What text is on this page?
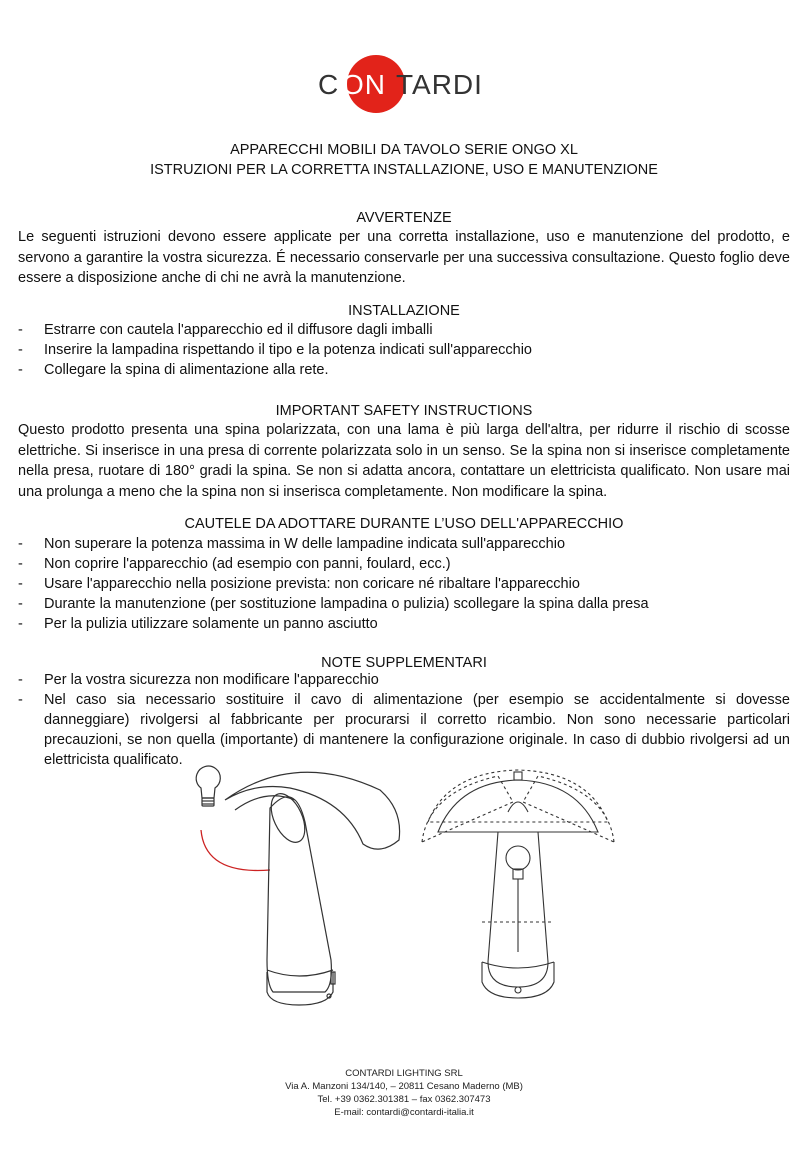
C ON TARDI
APPARECCHI MOBILI DA TAVOLO SERIE ONGO XL
ISTRUZIONI PER LA CORRETTA INSTALLAZIONE, USO E MANUTENZIONE
AVVERTENZE
Le seguenti istruzioni devono essere applicate per una corretta installazione, uso e manutenzione del prodotto, e servono a garantire la vostra sicurezza. É necessario conservarle per una successiva consultazione. Questo foglio deve essere a disposizione anche di chi ne avrà la manutenzione.
INSTALLAZIONE
- Estrarre con cautela l'apparecchio ed il diffusore dagli imballi
- Inserire la lampadina rispettando il tipo e la potenza indicati sull'apparecchio
- Collegare la spina di alimentazione alla rete.
IMPORTANT SAFETY INSTRUCTIONS
Questo prodotto presenta una spina polarizzata, con una lama è più larga dell'altra, per ridurre il rischio di scosse elettriche. Si inserisce in una presa di corrente polarizzata solo in un senso. Se la spina non si inserisce completamente nella presa, ruotare di 180° gradi la spina. Se non si adatta ancora, contattare un elettricista qualificato. Non usare mai una prolunga a meno che la spina non si inserisca completamente. Non modificare la spina.
CAUTELE DA ADOTTARE DURANTE L’USO DELL'APPARECCHIO
- Non superare la potenza massima in W delle lampadine indicata sull'apparecchio
- Non coprire l'apparecchio (ad esempio con panni, foulard, ecc.)
- Usare l'apparecchio nella posizione prevista: non coricare né ribaltare l'apparecchio
- Durante la manutenzione (per sostituzione lampadina o pulizia) scollegare la spina dalla presa
- Per la pulizia utilizzare solamente un panno asciutto
NOTE SUPPLEMENTARI
- Per la vostra sicurezza non modificare l'apparecchio
- Nel caso sia necessario sostituire il cavo di alimentazione (per esempio se accidentalmente si dovesse danneggiare) rivolgersi al fabbricante per procurarsi il corretto ricambio. Non sono necessarie particolari precauzioni, se non quella (importante) di mantenere la configurazione originale. In caso di dubbio rivolgersi ad un elettricista qualificato.
CONTARDI LIGHTING SRL
Via A. Manzoni 134/140, – 20811 Cesano Maderno (MB)
Tel. +39 0362.301381 – fax 0362.307473
E-mail: contardi@contardi-italia.it
